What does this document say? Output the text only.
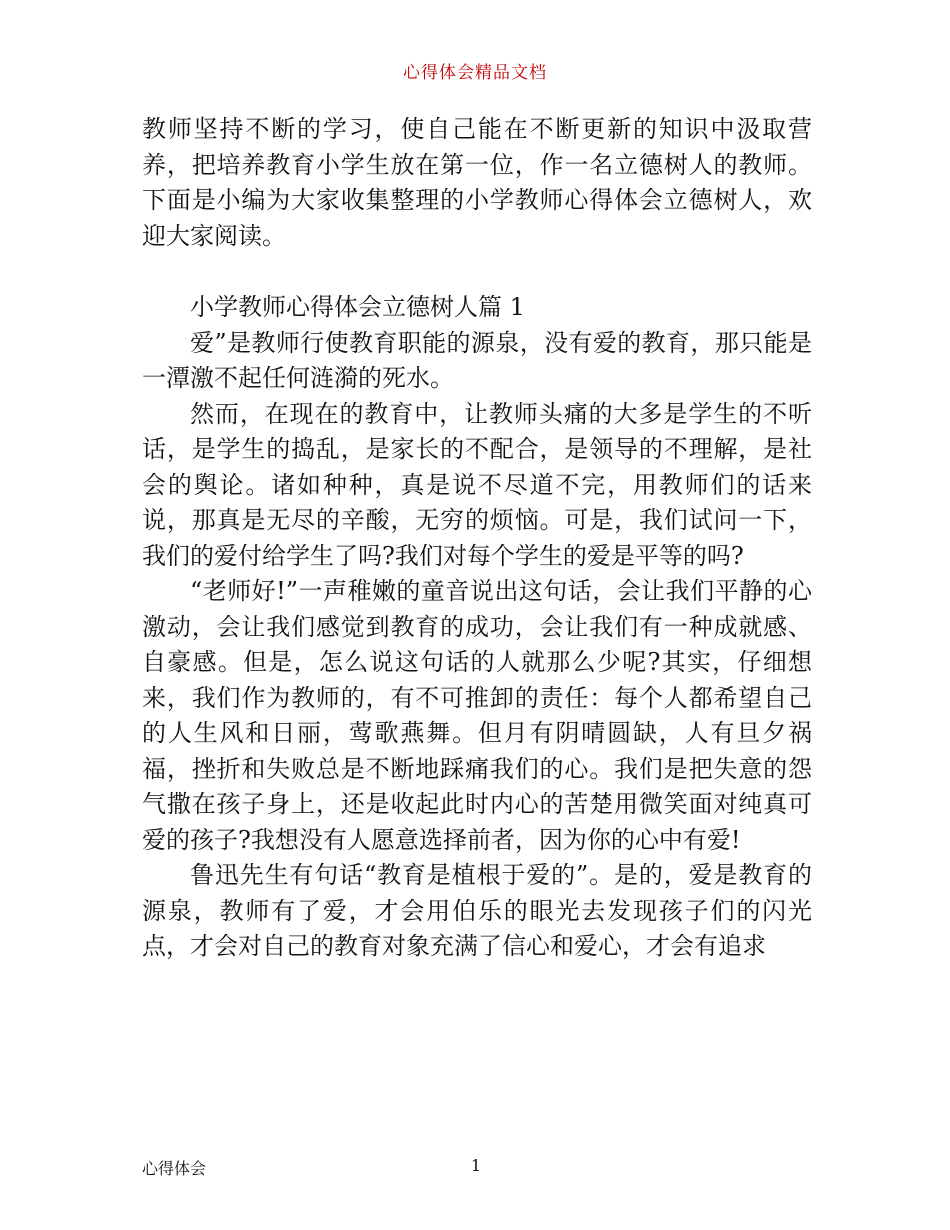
心得体会精品文档

教师坚持不断的学习，使自己能在不断更新的知识中汲取营养，把培养教育小学生放在第一位，作一名立德树人的教师。下面是小编为大家收集整理的小学教师心得体会立德树人，欢迎大家阅读。

小学教师心得体会立德树人篇 1

爱”是教师行使教育职能的源泉，没有爱的教育，那只能是一潭激不起任何涟漪的死水。

然而，在现在的教育中，让教师头痛的大多是学生的不听话，是学生的捣乱，是家长的不配合，是领导的不理解，是社会的舆论。诸如种种，真是说不尽道不完，用教师们的话来说，那真是无尽的辛酸，无穷的烦恼。可是，我们试问一下，我们的爱付给学生了吗?我们对每个学生的爱是平等的吗?

“老师好!”一声稚嫩的童音说出这句话，会让我们平静的心激动，会让我们感觉到教育的成功，会让我们有一种成就感、自豪感。但是，怎么说这句话的人就那么少呢?其实，仔细想来，我们作为教师的，有不可推卸的责任：每个人都希望自己的人生风和日丽，莺歌燕舞。但月有阴晴圆缺，人有旦夕祸福，挫折和失败总是不断地踩痛我们的心。我们是把失意的怨气撒在孩子身上，还是收起此时内心的苦楚用微笑面对纯真可爱的孩子?我想没有人愿意选择前者，因为你的心中有爱!

鲁迅先生有句话“教育是植根于爱的”。是的，爱是教育的源泉，教师有了爱，才会用伯乐的眼光去发现孩子们的闪光点，才会对自己的教育对象充满了信心和爱心，才会有追求

心得体会	1
